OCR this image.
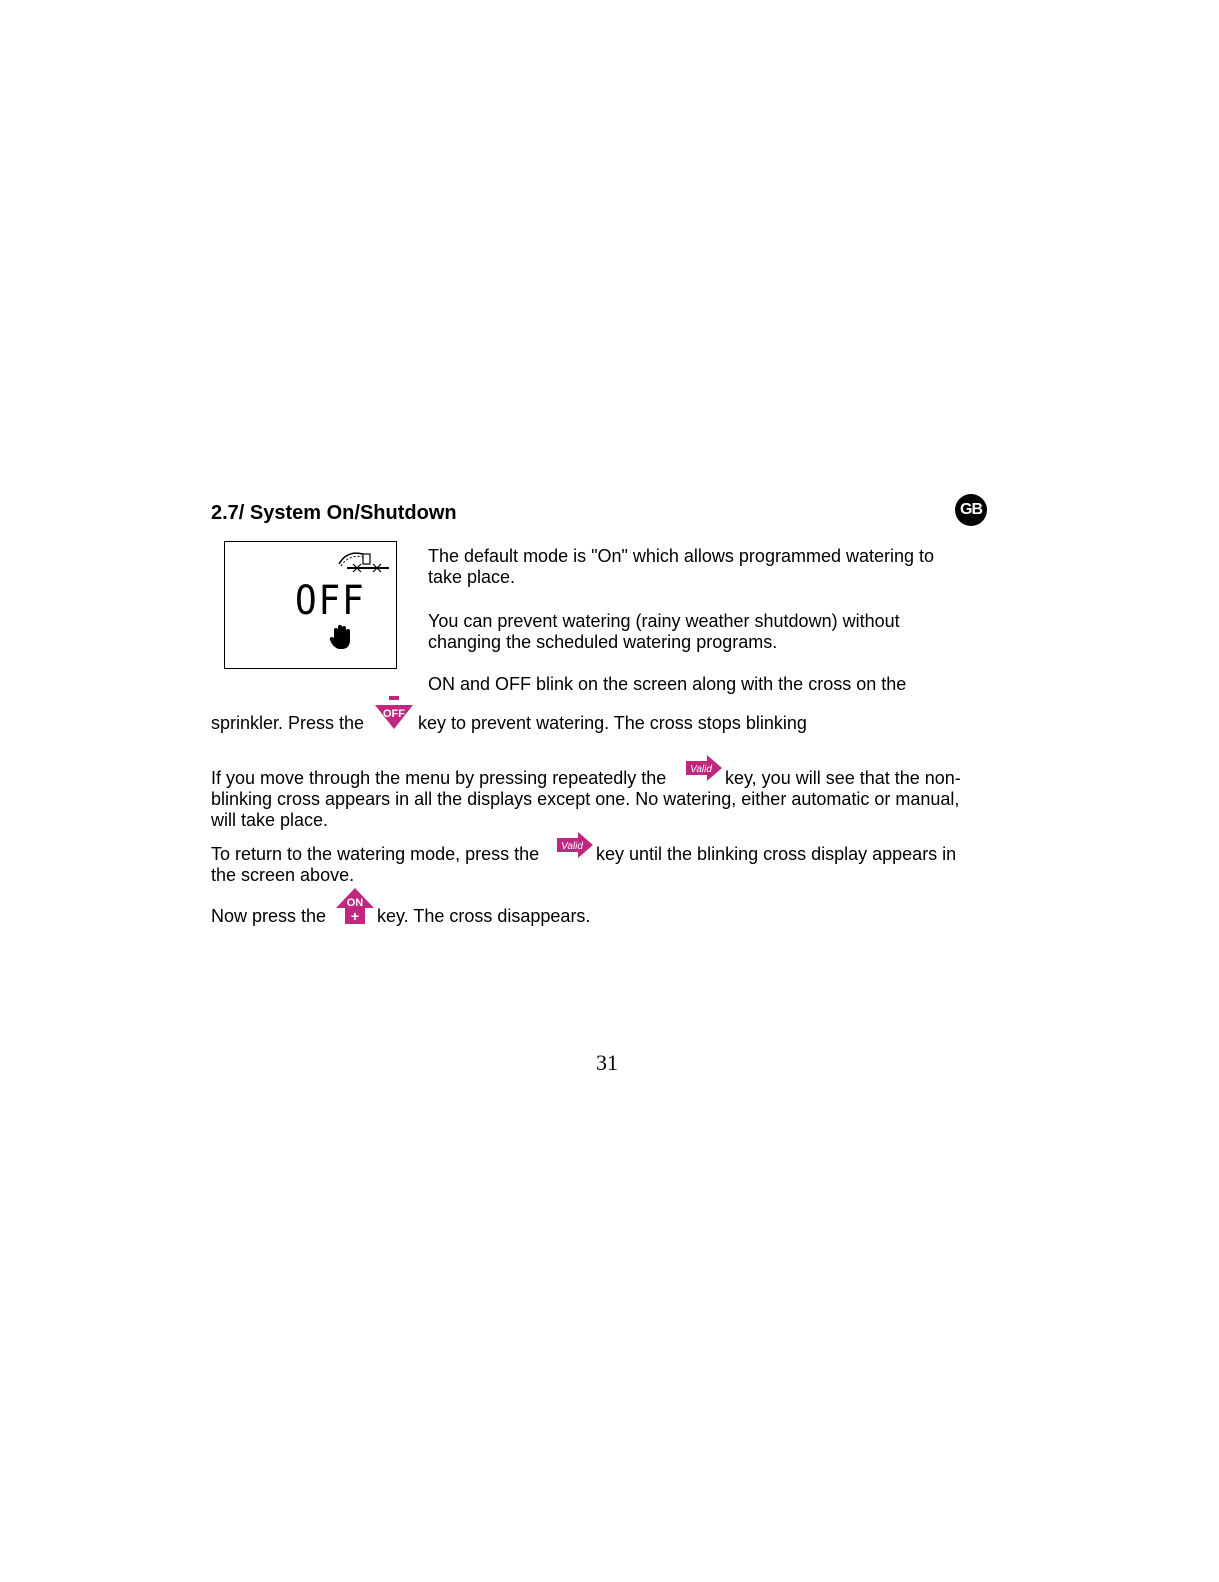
2.7/ System On/Shutdown	GB
OFF

The default mode is "On" which allows programmed watering to

take place.

You can prevent watering (rainy weather shutdown) without

changing the scheduled watering programs.

ON and OFF blink on the screen along with the cross on the

sprinkler. Press the OFF key to prevent watering. The cross stops blinking

If you move through the menu by pressing repeatedly the Valid key, you will see that the non-

blinking cross appears in all the displays except one. No watering, either automatic or manual,

will take place.

To return to the watering mode, press the Valid key until the blinking cross display appears in

the screen above.

Now press the

ON
+ key. The cross disappears.

31
